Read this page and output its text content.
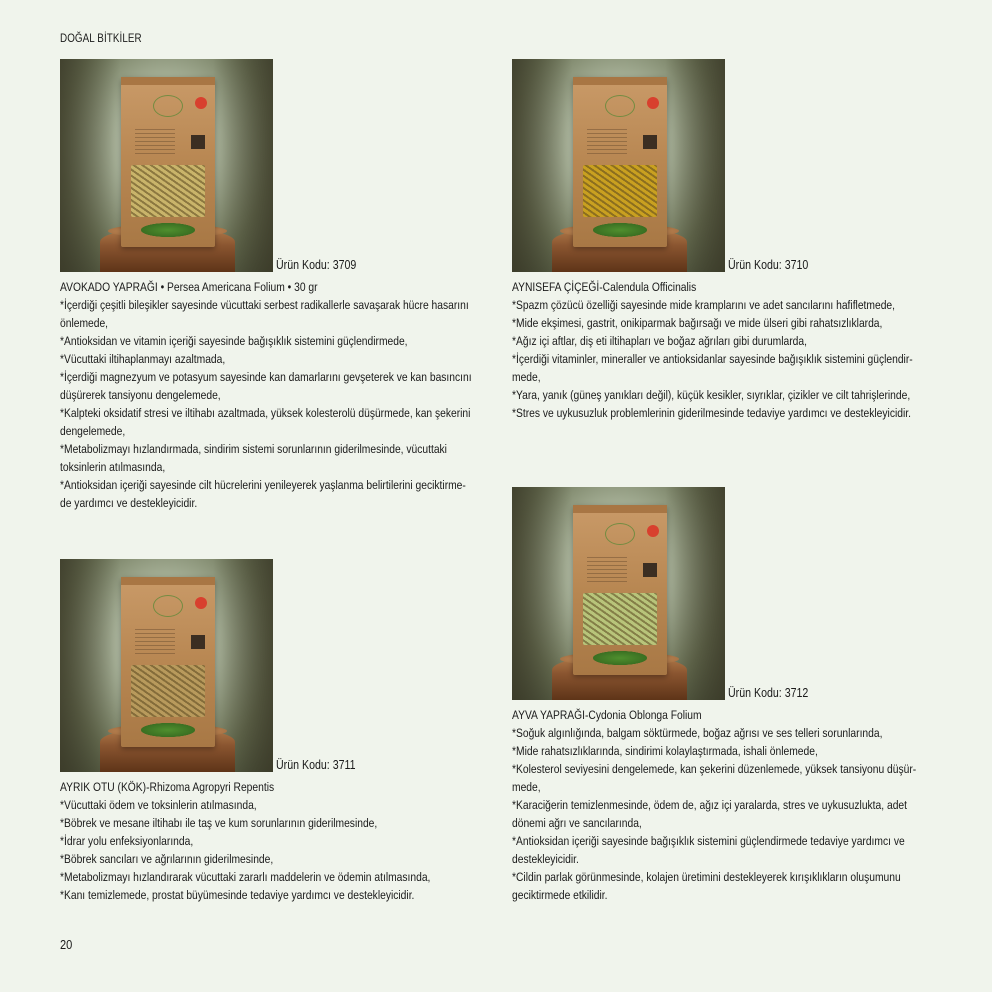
DOĞAL BİTKİLER
Ürün Kodu: 3709

AVOKADO YAPRAĞI • Persea Americana Folium • 30 gr

*İçerdiği çeşitli bileşikler sayesinde vücuttaki serbest radikallerle savaşarak hücre hasarını

önlemede,

*Antioksidan ve vitamin içeriği sayesinde bağışıklık sistemini güçlendirmede,

*Vücuttaki iltihaplanmayı azaltmada,

*İçerdiği magnezyum ve potasyum sayesinde kan damarlarını gevşeterek ve kan basıncını

düşürerek tansiyonu dengelemede,

*Kalpteki oksidatif stresi ve iltihabı azaltmada, yüksek kolesterolü düşürmede, kan şekerini

dengelemede,

*Metabolizmayı hızlandırmada, sindirim sistemi sorunlarının giderilmesinde, vücuttaki

toksinlerin atılmasında,

*Antioksidan içeriği sayesinde cilt hücrelerini yenileyerek yaşlanma belirtilerini geciktirme-

de yardımcı ve destekleyicidir.

Ürün Kodu: 3710

AYNISEFA ÇİÇEĞİ-Calendula Officinalis

*Spazm çözücü özelliği sayesinde mide kramplarını ve adet sancılarını hafifletmede,

*Mide ekşimesi, gastrit, onikiparmak bağırsağı ve mide ülseri gibi rahatsızlıklarda,

*Ağız içi aftlar, diş eti iltihapları ve boğaz ağrıları gibi durumlarda,

*İçerdiği vitaminler, mineraller ve antioksidanlar sayesinde bağışıklık sistemini güçlendir-

mede,

*Yara, yanık (güneş yanıkları değil), küçük kesikler, sıyrıklar, çizikler ve cilt tahrişlerinde,

*Stres ve uykusuzluk problemlerinin giderilmesinde tedaviye yardımcı ve destekleyicidir.

Ürün Kodu: 3711

AYRIK OTU (KÖK)-Rhizoma Agropyri Repentis

*Vücuttaki ödem ve toksinlerin atılmasında,

*Böbrek ve mesane iltihabı ile taş ve kum sorunlarının giderilmesinde,

*İdrar yolu enfeksiyonlarında,

*Böbrek sancıları ve ağrılarının giderilmesinde,

*Metabolizmayı hızlandırarak vücuttaki zararlı maddelerin ve ödemin atılmasında,

*Kanı temizlemede, prostat büyümesinde tedaviye yardımcı ve destekleyicidir.

Ürün Kodu: 3712

AYVA YAPRAĞI-Cydonia Oblonga Folium

*Soğuk algınlığında, balgam söktürmede, boğaz ağrısı ve ses telleri sorunlarında,

*Mide rahatsızlıklarında, sindirimi kolaylaştırmada, ishali önlemede,

*Kolesterol seviyesini dengelemede, kan şekerini düzenlemede, yüksek tansiyonu düşür-

mede,

*Karaciğerin temizlenmesinde, ödem de, ağız içi yaralarda, stres ve uykusuzlukta, adet

dönemi ağrı ve sancılarında,

*Antioksidan içeriği sayesinde bağışıklık sistemini güçlendirmede tedaviye yardımcı ve

destekleyicidir.

*Cildin parlak görünmesinde, kolajen üretimini destekleyerek kırışıklıkların oluşumunu

geciktirmede etkilidir.

20
